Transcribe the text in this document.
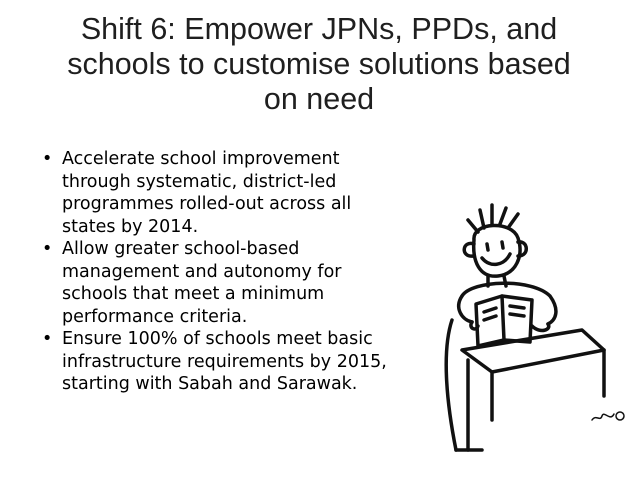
Shift 6: Empower JPNs, PPDs, and
schools to customise solutions based
on need
• Accelerate school improvement
through systematic, district-led
programmes rolled-out across all
states by 2014.
• Allow greater school-based
management and autonomy for
schools that meet a minimum
performance criteria.
• Ensure 100% of schools meet basic
infrastructure requirements by 2015,
starting with Sabah and Sarawak.
